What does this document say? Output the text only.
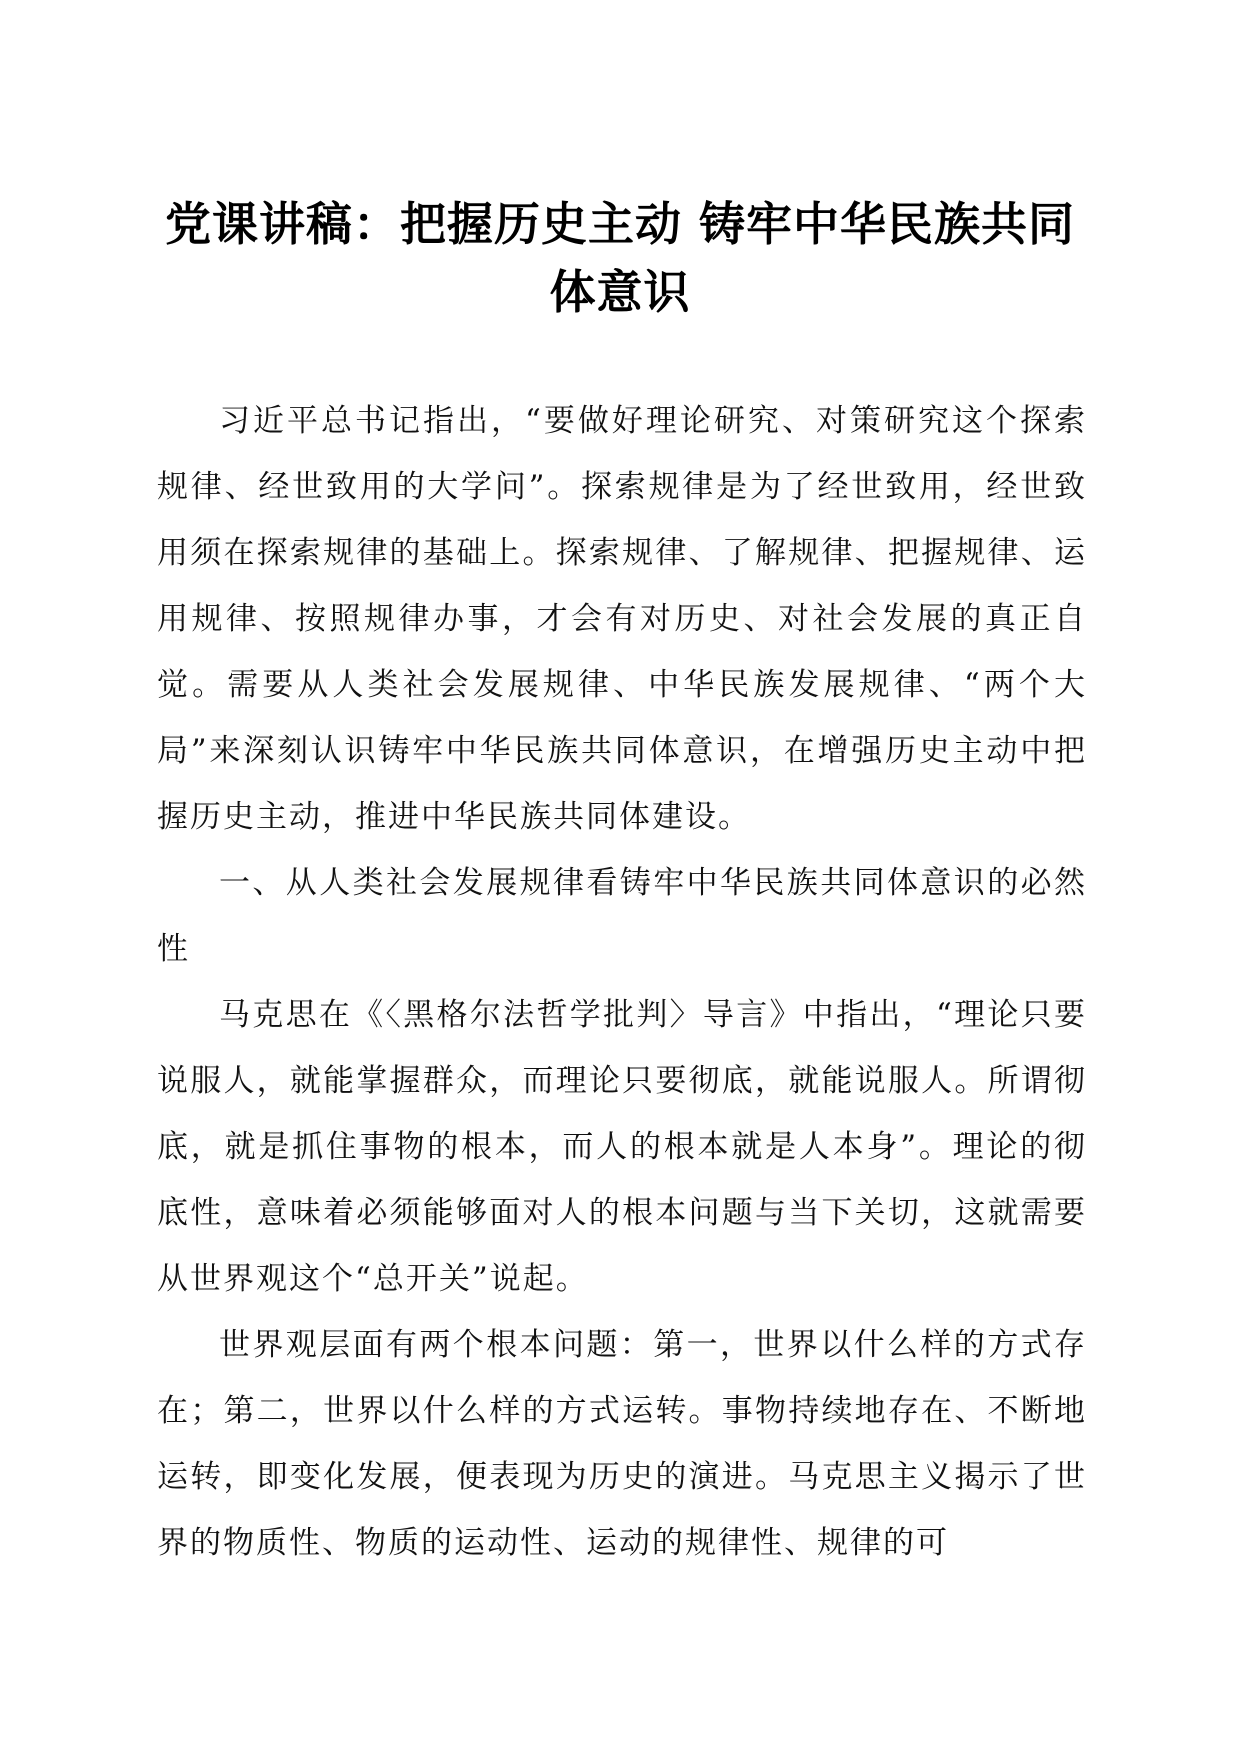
党课讲稿：把握历史主动 铸牢中华民族共同
体意识

习近平总书记指出，“要做好理论研究、对策研究这个探索规律、经世致用的大学问”。探索规律是为了经世致用，经世致用须在探索规律的基础上。探索规律、了解规律、把握规律、运用规律、按照规律办事，才会有对历史、对社会发展的真正自觉。需要从人类社会发展规律、中华民族发展规律、“两个大局”来深刻认识铸牢中华民族共同体意识，在增强历史主动中把握历史主动，推进中华民族共同体建设。

一、从人类社会发展规律看铸牢中华民族共同体意识的必然性

马克思在《〈黑格尔法哲学批判〉导言》中指出，“理论只要说服人，就能掌握群众，而理论只要彻底，就能说服人。所谓彻底，就是抓住事物的根本，而人的根本就是人本身”。理论的彻底性，意味着必须能够面对人的根本问题与当下关切，这就需要从世界观这个“总开关”说起。

世界观层面有两个根本问题：第一，世界以什么样的方式存在；第二，世界以什么样的方式运转。事物持续地存在、不断地运转，即变化发展，便表现为历史的演进。马克思主义揭示了世界的物质性、物质的运动性、运动的规律性、规律的可
